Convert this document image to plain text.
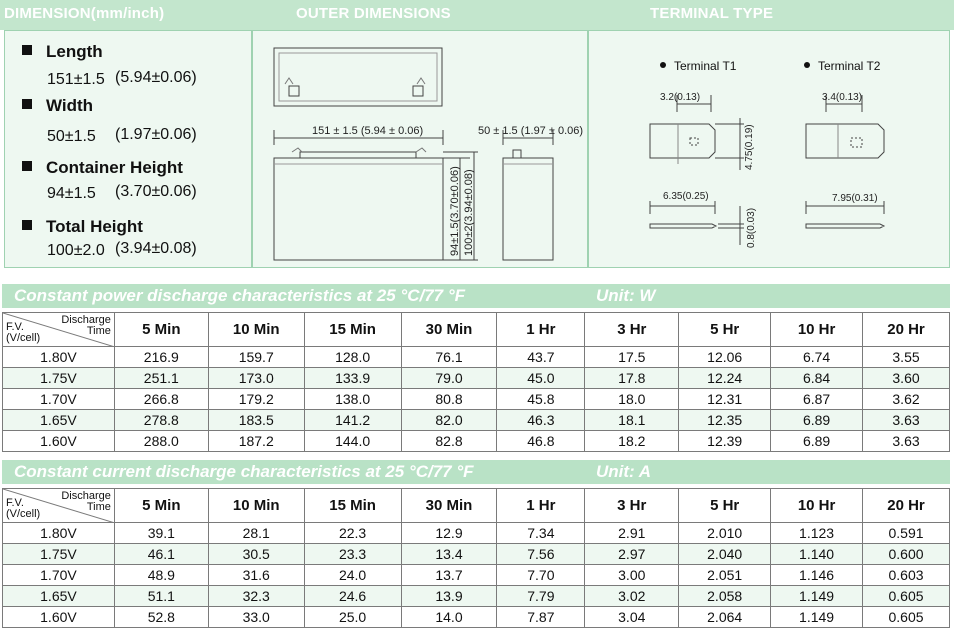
DIMENSION(mm/inch)	OUTER DIMENSIONS	TERMINAL TYPE
Length
151±1.5 (5.94±0.06)
Width
50±1.5 (1.97±0.06)
Container Height
94±1.5 (3.70±0.06)
Total Height
100±2.0 (3.94±0.08)
151 ± 1.5 (5.94 ± 0.06)	50 ± 1.5 (1.97 ± 0.06)
94±1.5(3.70±0.06) 100±2(3.94±0.08)
3.2(0.13)
4.75(0.19)
6.35(0.25)
0.8(0.03)
3.4(0.13)
7.95(0.31)
Terminal T1	Terminal T2
Constant power discharge characteristics at 25 °C/77 °F	Unit: W
Discharge
Time
F.V.
(V/cell)	5 Min	10 Min	15 Min	30 Min	1 Hr	3 Hr	5 Hr	10 Hr	20 Hr
1.80V	216.9	159.7	128.0	76.1	43.7	17.5	12.06	6.74	3.55
1.75V	251.1	173.0	133.9	79.0	45.0	17.8	12.24	6.84	3.60
1.70V	266.8	179.2	138.0	80.8	45.8	18.0	12.31	6.87	3.62
1.65V	278.8	183.5	141.2	82.0	46.3	18.1	12.35	6.89	3.63
1.60V	288.0	187.2	144.0	82.8	46.8	18.2	12.39	6.89	3.63
Constant current discharge characteristics at 25 °C/77 °F	Unit: A
Discharge
Time
F.V.
(V/cell)	5 Min	10 Min	15 Min	30 Min	1 Hr	3 Hr	5 Hr	10 Hr	20 Hr
1.80V	39.1	28.1	22.3	12.9	7.34	2.91	2.010	1.123	0.591
1.75V	46.1	30.5	23.3	13.4	7.56	2.97	2.040	1.140	0.600
1.70V	48.9	31.6	24.0	13.7	7.70	3.00	2.051	1.146	0.603
1.65V	51.1	32.3	24.6	13.9	7.79	3.02	2.058	1.149	0.605
1.60V	52.8	33.0	25.0	14.0	7.87	3.04	2.064	1.149	0.605
